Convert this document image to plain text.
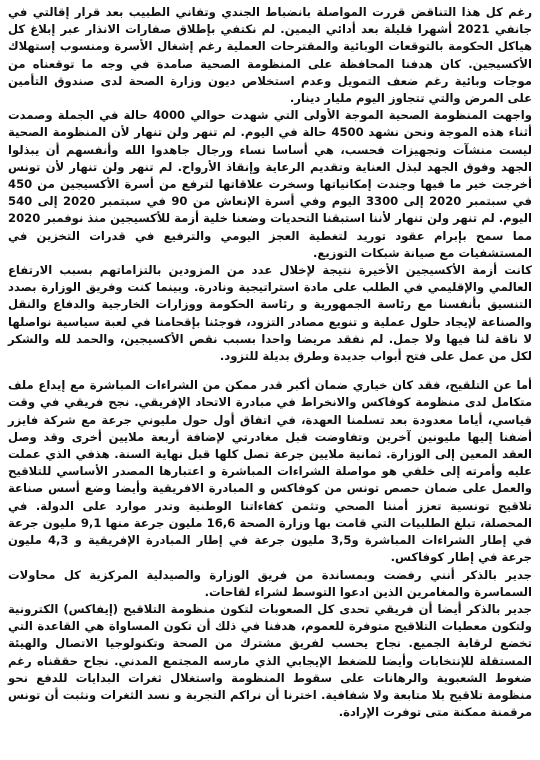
رغم كل هذا التناقض قررت المواصلة بانضباط الجندي وتفاني الطبيب بعد قرار إقالتي في جانفي 2021 أشهرا قليلة بعد أدائي اليمين. لم نكتفي بإطلاق صفارات الانذار عبر إبلاغ كل هياكل الحكومة بالتوقعات الوبائية والمقترحات العملية رغم إشغال الأسرة ومنسوب إستهلاك الأكسيجين. كان هدفنا المحافظة على المنظومة الصحية صامدة في وجه ما توقعناه من موجات وبائية رغم ضعف التمويل وعدم استخلاص ديون وزارة الصحة لدى صندوق التأمين على المرض والتي تتجاوز اليوم مليار دينار.

واجهت المنظومة الصحية الموجة الأولى التي شهدت حوالي 4000 حالة في الجملة وصمدت أثناء هذه الموجة ونحن نشهد 4500 حالة في اليوم. لم تنهر ولن تنهار لأن المنظومة الصحية ليست منشآت وتجهيزات فحسب، هي أساسا نساء ورجال جاهدوا الله وأنفسهم أن يبذلوا الجهد وفوق الجهد لبذل العناية وتقديم الرعاية وإنقاذ الأرواح. لم تنهر ولن تنهار لأن تونس أخرجت خير ما فيها وجندت إمكانياتها وسخرت علاقاتها لترفع من أسرة الأكسيجين من 450 في سبتمبر 2020 إلى 3300 اليوم وفي أسرة الإنعاش من 90 في سبتمبر 2020 إلى 540 اليوم. لم تنهر ولن تنهار لأننا استبقنا التحديات وضعنا خلية أزمة للأكسيجين منذ نوفمبر 2020 مما سمح بإبرام عقود توريد لتغطية العجز اليومي والترفيع في قدرات التخزين في المستشفيات مع صيانة شبكات التوزيع.

كانت أزمة الأكسيجين الأخيرة نتيجة لإخلال عدد من المزودين بالتزاماتهم بسبب الارتفاع العالمي والإقليمي في الطلب على مادة استراتيجية ونادرة. وبينما كنت وفريق الوزارة بصدد التنسيق بأنفسنا مع رئاسة الجمهورية و رئاسة الحكومة ووزارات الخارجية والدفاع والنقل والصناعة لإيجاد حلول عملية و تنويع مصادر التزود، فوجئنا بإقحامنا في لعبة سياسية نواصلها لا ناقة لنا فيها ولا جمل. لم نفقد مريضا واحدا بسبب نقص الأكسيجين، والحمد لله والشكر لكل من عمل على فتح أبواب جديدة وطرق بديلة للتزود.

أما عن التلقيح، فقد كان خياري ضمان أكبر قدر ممكن من الشراءات المباشرة مع إيداع ملف متكامل لدى منظومة كوفاكس والانخراط في مبادرة الاتحاد الإفريقي. نجح فريقي في وقت قياسي، أياما معدودة بعد تسلمنا العهدة، في اتفاق أول حول مليوني جرعة مع شركة فايزر أضفنا إليها مليونين آخرين وتفاوضت قبل مغادرتي لإضافة أربعة ملايين أخرى وقد وصل العقد المعين إلى الوزارة. ثمانية ملايين جرعة تصل كلها قبل نهاية السنة. هذفي الذي عملت عليه وأمرته إلى خلفي هو مواصلة الشراءات المباشرة و اعتبارها المصدر الأساسي للتلاقيح والعمل على ضمان حصص تونس من كوفاكس و المبادرة الافريقية وأيضا وضع أسس صناعة تلاقيح تونسية تعزز أمننا الصحي وتثمن كفاءاتنا الوطنية وتدر موارد على الدولة. في المحصلة، تبلغ الطلبيات التي قامت بها وزارة الصحة 16,6 مليون جرعة منها 9,1 مليون جرعة في إطار الشراءات المباشرة و3,5 مليون جرعة في إطار المبادرة الإفريقية و 4,3 مليون جرعة في إطار كوفاكس.

جدير بالذكر أنني رفضت وبمساندة من فريق الوزارة والصيدلية المركزية كل محاولات السماسرة والمغامرين الذين ادعوا التوسط لشراء لقاحات.

جدير بالذكر أيضا أن فريقي تحدى كل الصعوبات لتكون منظومة التلاقيح (إيفاكس) الكترونية ولتكون معطيات التلاقيح متوفرة للعموم، هدفنا في ذلك أن تكون المساواة هي القاعدة التي تخضع لرقابة الجميع. نجاح يحسب لفريق مشترك من الصحة وتكنولوجيا الاتصال والهيئة المستقلة للإنتخابات وأيضا للضغط الإيجابي الذي مارسه المجتمع المدني. نجاح حققناه رغم ضغوط الشعبوية والرهانات على سقوط المنظومة واستغلال ثغرات البدايات للدفع نحو منظومة تلاقيح بلا متابعة ولا شفافية. اخترنا أن نراكم التجربة و نسد الثغرات ونثبت أن تونس مرقمنة ممكنة متى توفرت الإرادة.
